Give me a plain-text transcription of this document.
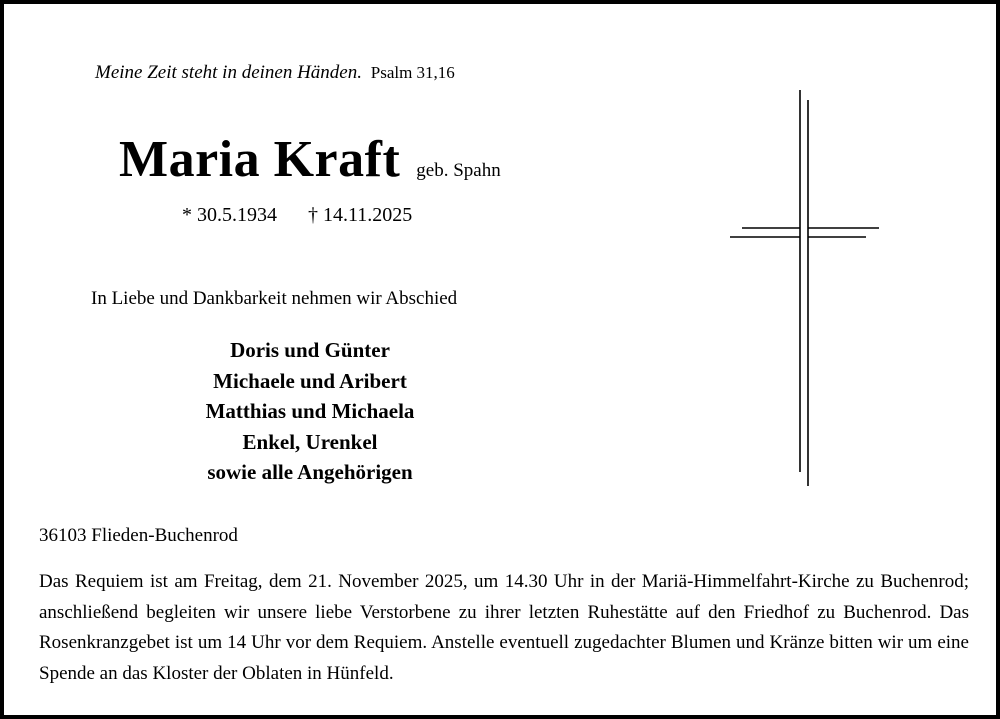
Meine Zeit steht in deinen Händen. Psalm 31,16
Maria Kraft geb. Spahn
* 30.5.1934 † 14.11.2025
In Liebe und Dankbarkeit nehmen wir Abschied
Doris und Günter
Michaele und Aribert
Matthias und Michaela
Enkel, Urenkel
sowie alle Angehörigen
36103 Flieden-Buchenrod
Das Requiem ist am Freitag, dem 21. November 2025, um 14.30 Uhr in der Mariä-Himmelfahrt-Kirche zu Buchenrod; anschließend begleiten wir unsere liebe Verstorbene zu ihrer letzten Ruhestätte auf den Friedhof zu Buchenrod. Das Rosenkranzgebet ist um 14 Uhr vor dem Requiem. Anstelle eventuell zugedachter Blumen und Kränze bitten wir um eine Spende an das Kloster der Oblaten in Hünfeld.
